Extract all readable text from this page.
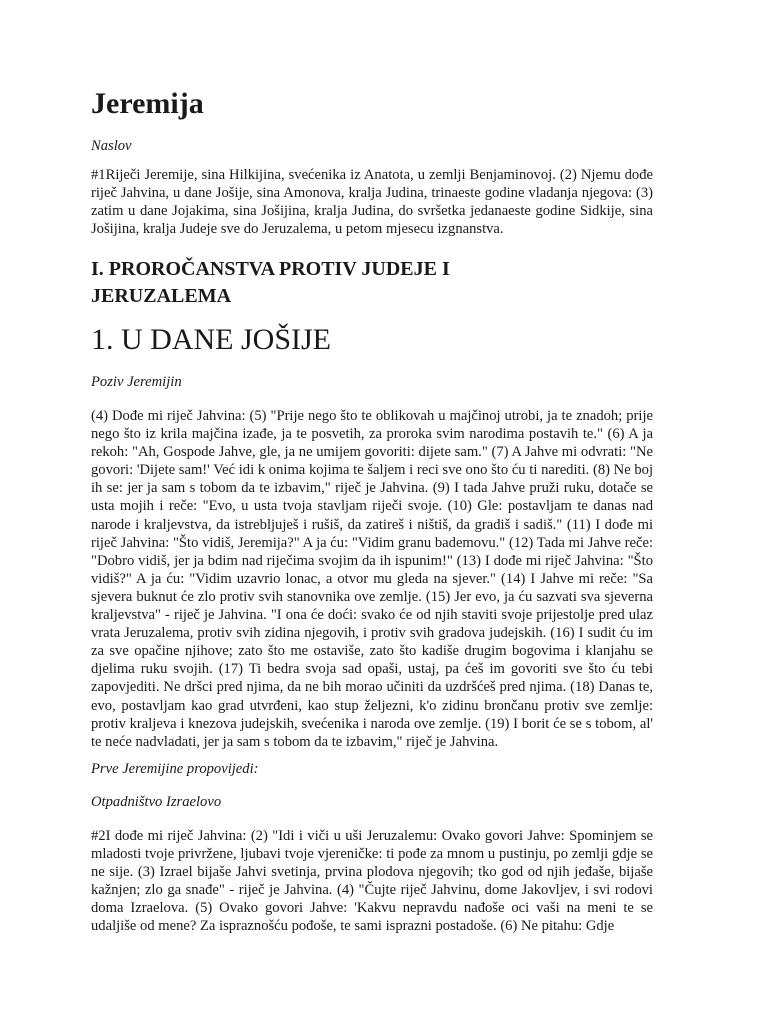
Jeremija

Naslov

#1Riječi Jeremije, sina Hilkijina, svećenika iz Anatota, u zemlji Benjaminovoj. (2) Njemu dođe riječ Jahvina, u dane Jošije, sina Amonova, kralja Judina, trinaeste godine vladanja njegova: (3) zatim u dane Jojakima, sina Jošijina, kralja Judina, do svršetka jedanaeste godine Sidkije, sina Jošijina, kralja Judeje sve do Jeruzalema, u petom mjesecu izgnanstva.

I. PROROČANSTVA PROTIV JUDEJE I JERUZALEMA
1. U DANE JOŠIJE

Poziv Jeremijin

(4) Dođe mi riječ Jahvina: (5) "Prije nego što te oblikovah u majčinoj utrobi, ja te znadoh; prije nego što iz krila majčina izađe, ja te posvetih, za proroka svim narodima postavih te." (6) A ja rekoh: "Ah, Gospode Jahve, gle, ja ne umijem govoriti: dijete sam." (7) A Jahve mi odvrati: "Ne govori: 'Dijete sam!' Već idi k onima kojima te šaljem i reci sve ono što ću ti narediti. (8) Ne boj ih se: jer ja sam s tobom da te izbavim," riječ je Jahvina. (9) I tada Jahve pruži ruku, dotače se usta mojih i reče: "Evo, u usta tvoja stavljam riječi svoje. (10) Gle: postavljam te danas nad narode i kraljevstva, da istrebljuješ i rušiš, da zatireš i ništiš, da gradiš i sadiš." (11) I dođe mi riječ Jahvina: "Što vidiš, Jeremija?" A ja ću: "Vidim granu bademovu." (12) Tada mi Jahve reče: "Dobro vidiš, jer ja bdim nad riječima svojim da ih ispunim!" (13) I dođe mi riječ Jahvina: "Što vidiš?" A ja ću: "Vidim uzavrio lonac, a otvor mu gleda na sjever." (14) I Jahve mi reče: "Sa sjevera buknut će zlo protiv svih stanovnika ove zemlje. (15) Jer evo, ja ću sazvati sva sjeverna kraljevstva" - riječ je Jahvina. "I ona će doći: svako će od njih staviti svoje prijestolje pred ulaz vrata Jeruzalema, protiv svih zidina njegovih, i protiv svih gradova judejskih. (16) I sudit ću im za sve opačine njihove; zato što me ostaviše, zato što kadiše drugim bogovima i klanjahu se djelima ruku svojih. (17) Ti bedra svoja sad opaši, ustaj, pa ćeš im govoriti sve što ću tebi zapovjediti. Ne dršci pred njima, da ne bih morao učiniti da uzdršćeš pred njima. (18) Danas te, evo, postavljam kao grad utvrđeni, kao stup željezni, k'o zidinu brončanu protiv sve zemlje: protiv kraljeva i knezova judejskih, svećenika i naroda ove zemlje. (19) I borit će se s tobom, al' te neće nadvladati, jer ja sam s tobom da te izbavim," riječ je Jahvina.

Prve Jeremijine propovijedi:

Otpadništvo Izraelovo

#2I dođe mi riječ Jahvina: (2) "Idi i viči u uši Jeruzalemu: Ovako govori Jahve: Spominjem se mladosti tvoje privržene, ljubavi tvoje vjereničke: ti pođe za mnom u pustinju, po zemlji gdje se ne sije. (3) Izrael bijaše Jahvi svetinja, prvina plodova njegovih; tko god od njih jeđaše, bijaše kažnjen; zlo ga snađe" - riječ je Jahvina. (4) "Čujte riječ Jahvinu, dome Jakovljev, i svi rodovi doma Izraelova. (5) Ovako govori Jahve: 'Kakvu nepravdu nađoše oci vaši na meni te se udaljiše od mene? Za ispraznošću pođoše, te sami isprazni postadoše. (6) Ne pitahu: Gdje
